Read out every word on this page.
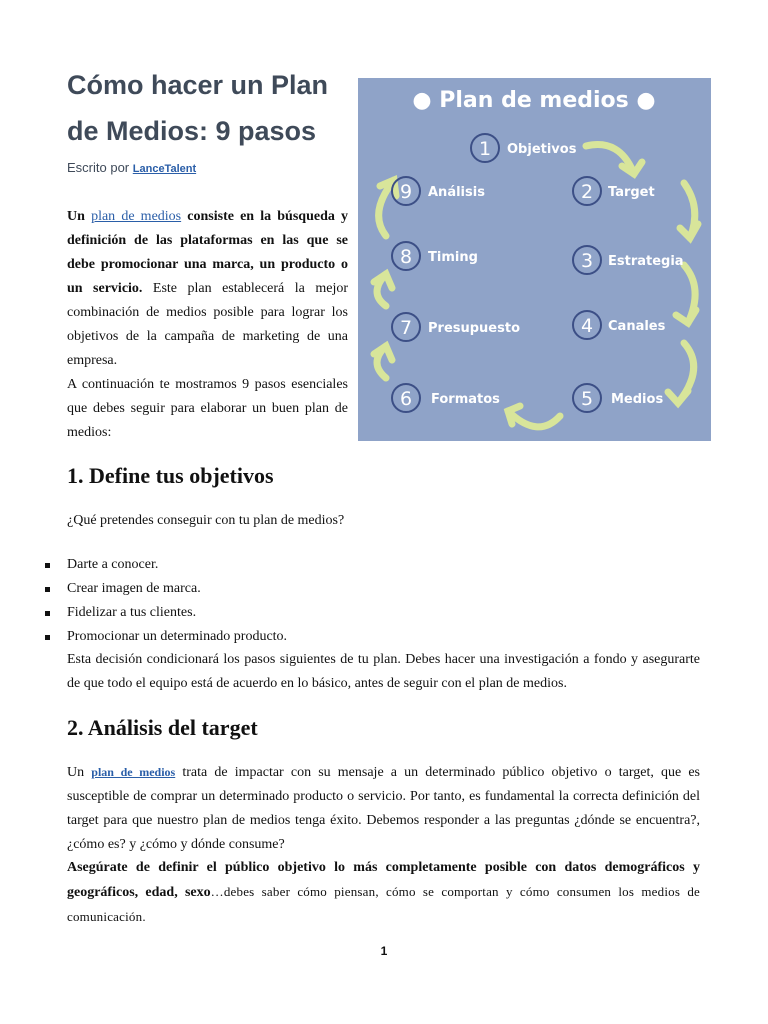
Cómo hacer un Plan de Medios: 9 pasos
Escrito por LanceTalent

Un plan de medios consiste en la búsqueda y definición de las plataformas en las que se debe promocionar una marca, un producto o un servicio. Este plan establecerá la mejor combinación de medios posible para lograr los objetivos de la campaña de marketing de una empresa.

A continuación te mostramos 9 pasos esenciales que debes seguir para elaborar un buen plan de medios:

● Plan de medios ●
1 Objetivos
2 Target
3 Estrategia
4 Canales
5 Medios
6 Formatos
7 Presupuesto
8 Timing
9 Análisis
1. Define tus objetivos
¿Qué pretendes conseguir con tu plan de medios?
Darte a conocer.
Crear imagen de marca.
Fidelizar a tus clientes.
Promocionar un determinado producto.
Esta decisión condicionará los pasos siguientes de tu plan. Debes hacer una investigación a fondo y asegurarte de que todo el equipo está de acuerdo en lo básico, antes de seguir con el plan de medios.
2. Análisis del target
Un plan de medios trata de impactar con su mensaje a un determinado público objetivo o target, que es susceptible de comprar un determinado producto o servicio. Por tanto, es fundamental la correcta definición del target para que nuestro plan de medios tenga éxito. Debemos responder a las preguntas ¿dónde se encuentra?, ¿cómo es? y ¿cómo y dónde consume?
Asegúrate de definir el público objetivo lo más completamente posible con datos demográficos y geográficos, edad, sexo…debes saber cómo piensan, cómo se comportan y cómo consumen los medios de comunicación.
1
